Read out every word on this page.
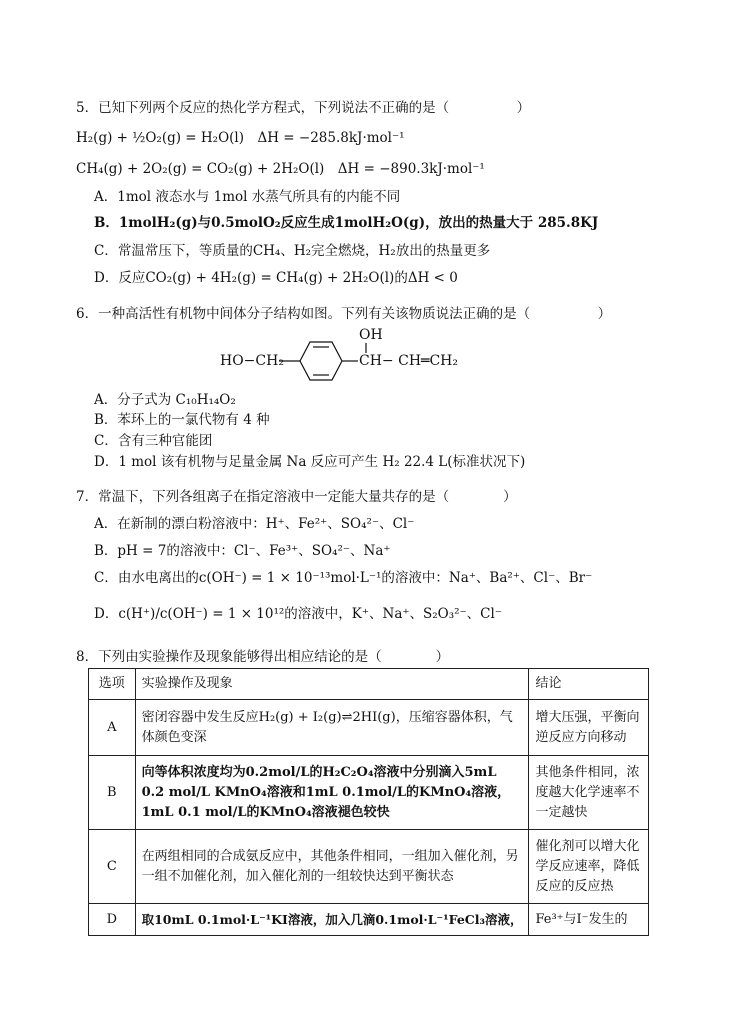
5．已知下列两个反应的热化学方程式，下列说法不正确的是（　　　　　）
H₂(g) + ½O₂(g) = H₂O(l)　ΔH = −285.8kJ·mol⁻¹
CH₄(g) + 2O₂(g) = CO₂(g) + 2H₂O(l)　ΔH = −890.3kJ·mol⁻¹
A．1mol 液态水与 1mol 水蒸气所具有的内能不同
B．1molH₂(g)与0.5molO₂反应生成1molH₂O(g)，放出的热量大于 285.8KJ
C．常温常压下，等质量的CH₄、H₂完全燃烧，H₂放出的热量更多
D．反应CO₂(g) + 4H₂(g) = CH₄(g) + 2H₂O(l)的ΔH < 0
6．一种高活性有机物中间体分子结构如图。下列有关该物质说法正确的是（　　　　　）
HO−CH₂
OH
CH− CH═CH₂
A．分子式为 C₁₀H₁₄O₂
B．苯环上的一氯代物有 4 种
C．含有三种官能团
D．1 mol 该有机物与足量金属 Na 反应可产生 H₂ 22.4 L(标准状况下)
7．常温下，下列各组离子在指定溶液中一定能大量共存的是（　　　　）
A．在新制的漂白粉溶液中：H⁺、Fe²⁺、SO₄²⁻、Cl⁻
B．pH = 7的溶液中：Cl⁻、Fe³⁺、SO₄²⁻、Na⁺
C．由水电离出的c(OH⁻) = 1 × 10⁻¹³mol·L⁻¹的溶液中：Na⁺、Ba²⁺、Cl⁻、Br⁻
D．c(H⁺)/c(OH⁻) = 1 × 10¹²的溶液中，K⁺、Na⁺、S₂O₃²⁻、Cl⁻
8．下列由实验操作及现象能够得出相应结论的是（　　　　）
选项	实验操作及现象	结论
A	密闭容器中发生反应H₂(g) + I₂(g)⇌2HI(g)，压缩容器体积，气体颜色变深	增大压强，平衡向逆反应方向移动
B	向等体积浓度均为0.2mol/L的H₂C₂O₄溶液中分别滴入5mL 0.2 mol/L KMnO₄溶液和1mL 0.1mol/L的KMnO₄溶液，1mL 0.1 mol/L的KMnO₄溶液褪色较快	其他条件相同，浓度越大化学速率不一定越快
C	在两组相同的合成氨反应中，其他条件相同，一组加入催化剂，另一组不加催化剂，加入催化剂的一组较快达到平衡状态	催化剂可以增大化学反应速率，降低反应的反应热
D	取10mL 0.1mol·L⁻¹KI溶液，加入几滴0.1mol·L⁻¹FeCl₃溶液，	Fe³⁺与I⁻发生的
